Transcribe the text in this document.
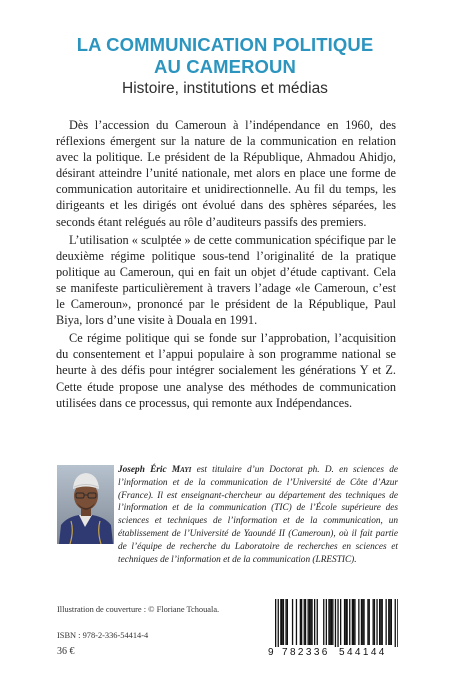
LA COMMUNICATION POLITIQUE
AU CAMEROUN
Histoire, institutions et médias

Dès l’accession du Cameroun à l’indépendance en 1960, des réflexions émergent sur la nature de la communication en relation avec la politique. Le président de la République, Ahmadou Ahidjo, désirant atteindre l’unité nationale, met alors en place une forme de communication autoritaire et unidirectionnelle. Au fil du temps, les dirigeants et les dirigés ont évolué dans des sphères séparées, les seconds étant relégués au rôle d’auditeurs passifs des premiers.

L’utilisation « sculptée » de cette communication spécifique par le deuxième régime politique sous-tend l’originalité de la pratique politique au Cameroun, qui en fait un objet d’étude captivant. Cela se manifeste particulièrement à travers l’adage «le Cameroun, c’est le Cameroun», prononcé par le président de la République, Paul Biya, lors d’une visite à Douala en 1991.

Ce régime politique qui se fonde sur l’approbation, l’acquisition du consentement et l’appui populaire à son programme national se heurte à des défis pour intégrer socialement les générations Y et Z. Cette étude propose une analyse des méthodes de communication utilisées dans ce processus, qui remonte aux Indépendances.

Joseph Éric Mayi est titulaire d’un Doctorat ph. D. en sciences de l’information et de la communication de l’Université de Côte d’Azur (France). Il est enseignant-chercheur au département des techniques de l’information et de la communication (TIC) de l’École supérieure des sciences et techniques de l’information et de la communication, un établissement de l’Université de Yaoundé II (Cameroun), où il fait partie de l’équipe de recherche du Laboratoire de recherches en sciences et techniques de l’information et de la communication (LRESTIC).
Illustration de couverture : © Floriane Tchouala.
ISBN : 978-2-336-54414-4
36 €	9 782336 544144
